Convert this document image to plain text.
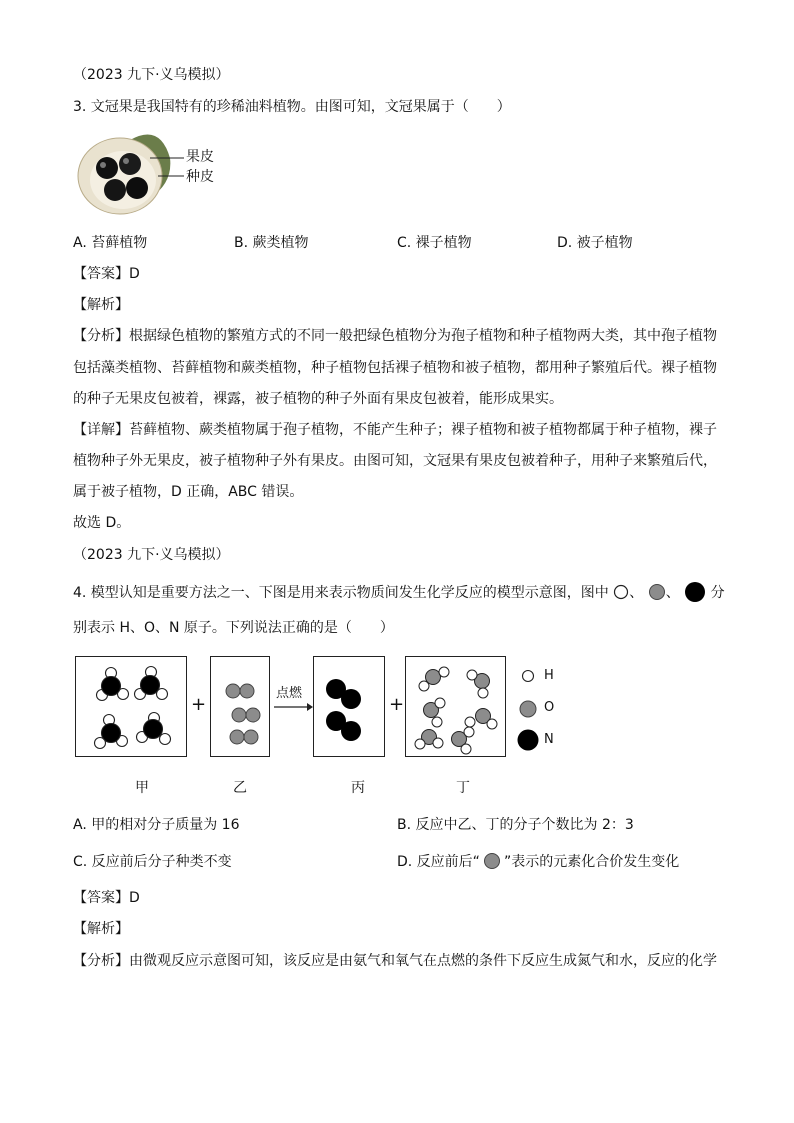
（2023 九下·义乌模拟）
3. 文冠果是我国特有的珍稀油料植物。由图可知，文冠果属于（　　）
果皮
种皮
A. 苔藓植物	B. 蕨类植物	C. 裸子植物	D. 被子植物
【答案】D
【解析】
【分析】根据绿色植物的繁殖方式的不同一般把绿色植物分为孢子植物和种子植物两大类，其中孢子植物
包括藻类植物、苔藓植物和蕨类植物，种子植物包括裸子植物和被子植物，都用种子繁殖后代。裸子植物
的种子无果皮包被着，裸露，被子植物的种子外面有果皮包被着，能形成果实。
【详解】苔藓植物、蕨类植物属于孢子植物，不能产生种子；裸子植物和被子植物都属于种子植物，裸子
植物种子外无果皮，被子植物种子外有果皮。由图可知，文冠果有果皮包被着种子，用种子来繁殖后代，
属于被子植物，D 正确，ABC 错误。
故选 D。
（2023 九下·义乌模拟）
4. 模型认知是重要方法之一、下图是用来表示物质间发生化学反应的模型示意图，图中 、 、 分
别表示 H、O、N 原子。下列说法正确的是（　　）
+
点燃
+
H
O
N
甲	乙	丙	丁
A. 甲的相对分子质量为 16	B. 反应中乙、丁的分子个数比为 2：3
C. 反应前后分子种类不变	D. 反应前后“ ”表示的元素化合价发生变化
【答案】D
【解析】
【分析】由微观反应示意图可知，该反应是由氨气和氧气在点燃的条件下反应生成氮气和水，反应的化学
